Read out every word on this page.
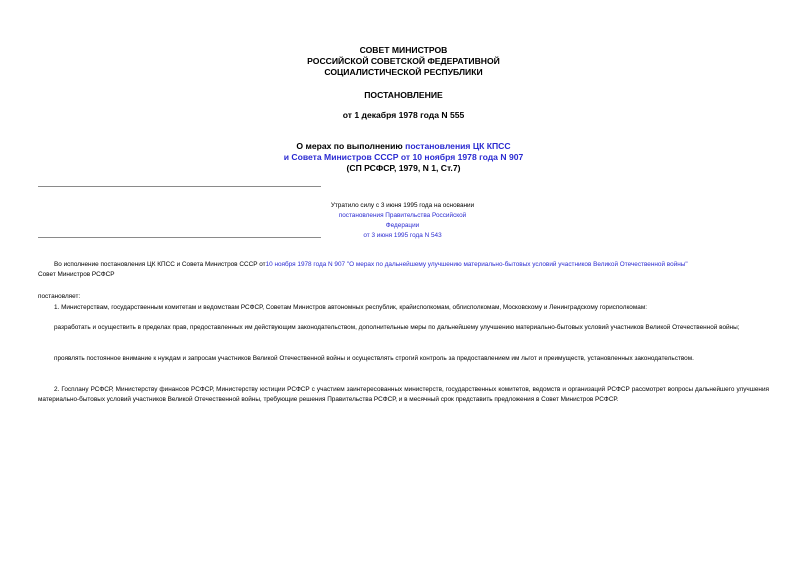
СОВЕТ МИНИСТРОВ
РОССИЙСКОЙ СОВЕТСКОЙ ФЕДЕРАТИВНОЙ
СОЦИАЛИСТИЧЕСКОЙ РЕСПУБЛИКИ
ПОСТАНОВЛЕНИЕ
от 1 декабря 1978 года N 555
О мерах по выполнению постановления ЦК КПСС
и Совета Министров СССР от 10 ноября 1978 года N 907
(СП РСФСР, 1979, N 1, Ст.7)
Утратило силу с 3 июня 1995 года на основании
постановления Правительства Российской Федерации
от 3 июня 1995 года N 543
Во исполнение постановления ЦК КПСС и Совета Министров СССР от10 ноября 1978 года N 907 "О мерах по дальнейшему улучшению материально-бытовых условий участников Великой Отечественной войны"
Совет Министров РСФСР
постановляет:
1. Министерствам, государственным комитетам и ведомствам РСФСР, Советам Министров автономных республик, крайисполкомам, облисполкомам, Московскому и Ленинградскому горисполкомам:
разработать и осуществить в пределах прав, предоставленных им действующим законодательством, дополнительные меры по дальнейшему улучшению материально-бытовых условий участников Великой Отечественной войны;
проявлять постоянное внимание к нуждам и запросам участников Великой Отечественной войны и осуществлять строгий контроль за предоставлением им льгот и преимуществ, установленных законодательством.
2. Госплану РСФСР, Министерству финансов РСФСР, Министерству юстиции РСФСР с участием заинтересованных министерств, государственных комитетов, ведомств и организаций РСФСР рассмотрет вопросы дальнейшего улучшения материально-бытовых условий участников Великой Отечественной войны, требующие решения Правительства РСФСР, и в месячный срок представить предложения в Совет Министров РСФСР.
